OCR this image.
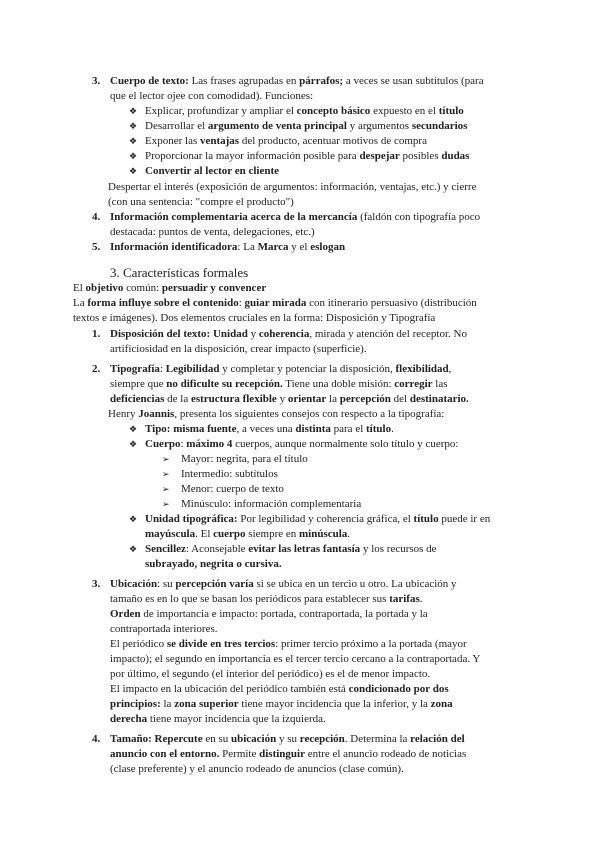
3. Cuerpo de texto: Las frases agrupadas en párrafos; a veces se usan subtítulos (para
que el lector ojee con comodidad). Funciones:
❖ Explicar, profundizar y ampliar el concepto básico expuesto en el título
❖ Desarrollar el argumento de venta principal y argumentos secundarios
❖ Exponer las ventajas del producto, acentuar motivos de compra
❖ Proporcionar la mayor información posible para despejar posibles dudas
❖ Convertir al lector en cliente
Despertar el interés (exposición de argumentos: información, ventajas, etc.) y cierre
(con una sentencia: "compre el producto")
4. Información complementaria acerca de la mercancía (faldón con tipografía poco
destacada: puntos de venta, delegaciones, etc.)
5. Información identificadora: La Marca y el eslogan
3. Características formales
El objetivo común: persuadir y convencer
La forma influye sobre el contenido: guiar mirada con itinerario persuasivo (distribución
textos e imágenes). Dos elementos cruciales en la forma: Disposición y Tipografía
1. Disposición del texto: Unidad y coherencia, mirada y atención del receptor. No
artificiosidad en la disposición, crear impacto (superficie).
2. Tipografía: Legibilidad y completar y potenciar la disposición, flexibilidad,
siempre que no dificulte su recepción. Tiene una doble misión: corregir las
deficiencias de la estructura flexible y orientar la percepción del destinatario.
Henry Joannis, presenta los siguientes consejos con respecto a la tipografía:
❖ Tipo: misma fuente, a veces una distinta para el título.
❖ Cuerpo: máximo 4 cuerpos, aunque normalmente solo título y cuerpo:
➢ Mayor: negrita, para el título
➢ Intermedio: subtítulos
➢ Menor: cuerpo de texto
➢ Minúsculo: información complementaria
❖ Unidad tipográfica: Por legibilidad y coherencia gráfica, el título puede ir en
mayúscula. El cuerpo siempre en minúscula.
❖ Sencillez: Aconsejable evitar las letras fantasía y los recursos de
subrayado, negrita o cursiva.
3. Ubicación: su percepción varía si se ubica en un tercio u otro. La ubicación y
tamaño es en lo que se basan los periódicos para establecer sus tarifas.
Orden de importancia e impacto: portada, contraportada, la portada y la
contraportada interiores.
El periódico se divide en tres tercios: primer tercio próximo a la portada (mayor
impacto); el segundo en importancia es el tercer tercio cercano a la contraportada. Y
por último, el segundo (el interior del periódico) es el de menor impacto.
El impacto en la ubicación del periódico también está condicionado por dos
principios: la zona superior tiene mayor incidencia que la inferior, y la zona
derecha tiene mayor incidencia que la izquierda.
4. Tamaño: Repercute en su ubicación y su recepción. Determina la relación del
anuncio con el entorno. Permite distinguir entre el anuncio rodeado de noticias
(clase preferente) y el anuncio rodeado de anuncios (clase común).
